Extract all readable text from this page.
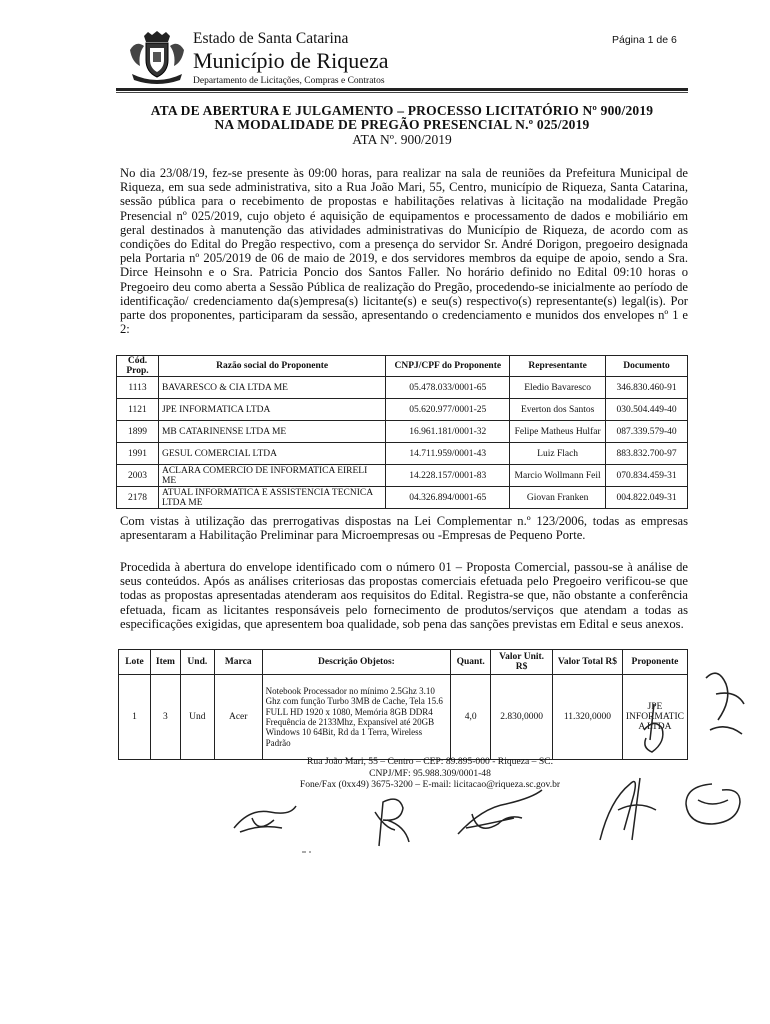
Estado de Santa Catarina	Página 1 de 6
Município de Riqueza
Departamento de Licitações, Compras e Contratos
ATA DE ABERTURA E JULGAMENTO – PROCESSO LICITATÓRIO Nº 900/2019
NA MODALIDADE DE PREGÃO PRESENCIAL N.º 025/2019
ATA Nº. 900/2019

No dia 23/08/19, fez-se presente às 09:00 horas, para realizar na sala de reuniões da Prefeitura Municipal de Riqueza, em sua sede administrativa, sito a Rua João Mari, 55, Centro, município de Riqueza, Santa Catarina, sessão pública para o recebimento de propostas e habilitações relativas à licitação na modalidade Pregão Presencial nº 025/2019, cujo objeto é aquisição de equipamentos e processamento de dados e mobiliário em geral destinados à manutenção das atividades administrativas do Município de Riqueza, de acordo com as condições do Edital do Pregão respectivo, com a presença do servidor Sr. André Dorigon, pregoeiro designada pela Portaria nº 205/2019 de 06 de maio de 2019, e dos servidores membros da equipe de apoio, sendo a Sra. Dirce Heinsohn e o Sra. Patricia Poncio dos Santos Faller. No horário definido no Edital 09:10 horas o Pregoeiro deu como aberta a Sessão Pública de realização do Pregão, procedendo-se inicialmente ao período de identificação/ credenciamento da(s)empresa(s) licitante(s) e seu(s) respectivo(s) representante(s) legal(is). Por parte dos proponentes, participaram da sessão, apresentando o credenciamento e munidos dos envelopes nº 1 e 2:

Cód. Prop.	Razão social do Proponente	CNPJ/CPF do Proponente	Representante	Documento
1113	BAVARESCO & CIA LTDA ME	05.478.033/0001-65	Eledio Bavaresco	346.830.460-91
1121	JPE INFORMATICA LTDA	05.620.977/0001-25	Everton dos Santos	030.504.449-40
1899	MB CATARINENSE LTDA ME	16.961.181/0001-32	Felipe Matheus Hulfar	087.339.579-40
1991	GESUL COMERCIAL LTDA	14.711.959/0001-43	Luiz Flach	883.832.700-97
2003	ACLARA COMERCIO DE INFORMATICA EIRELI ME	14.228.157/0001-83	Marcio Wollmann Feil	070.834.459-31
2178	ATUAL INFORMATICA E ASSISTENCIA TECNICA LTDA ME	04.326.894/0001-65	Giovan Franken	004.822.049-31

Com vistas à utilização das prerrogativas dispostas na Lei Complementar n.º 123/2006, todas as empresas apresentaram a Habilitação Preliminar para Microempresas ou -Empresas de Pequeno Porte.

Procedida à abertura do envelope identificado com o número 01 – Proposta Comercial, passou-se à análise de seus conteúdos. Após as análises criteriosas das propostas comerciais efetuada pelo Pregoeiro verificou-se que todas as propostas apresentadas atenderam aos requisitos do Edital. Registra-se que, não obstante a conferência efetuada, ficam as licitantes responsáveis pelo fornecimento de produtos/serviços que atendam a todas as especificações exigidas, que apresentem boa qualidade, sob pena das sanções previstas em Edital e seus anexos.

Lote	Item	Und.	Marca	Descrição Objetos:	Quant.	Valor Unit. R$	Valor Total R$	Proponente
1	3	Und	Acer	Notebook Processador no mínimo 2.5Ghz 3.10 Ghz com função Turbo 3MB de Cache, Tela 15.6 FULL HD 1920 x 1080, Memória 8GB DDR4 Frequência de 2133Mhz, Expansível até 20GB Windows 10 64Bit, Rd da 1 Terra, Wireless Padrão	4,0	2.830,0000	11.320,0000	JPE INFORMATIC A LTDA
Rua João Mari, 55 – Centro – CEP: 89.895-000 - Riqueza – SC.
CNPJ/MF: 95.988.309/0001-48
Fone/Fax (0xx49) 3675-3200 – E-mail: licitacao@riqueza.sc.gov.br
